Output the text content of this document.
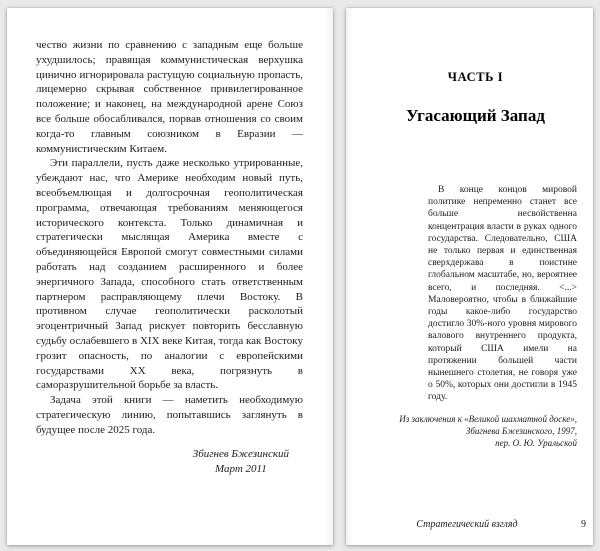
чество жизни по сравнению с западным еще больше ухудшилось; правящая коммунистическая верхушка цинично игнорировала растущую социальную пропасть, лицемерно скрывая собственное привилегированное положение; и наконец, на международной арене Союз все больше обосабливался, порвав отношения со своим когда-то главным союзником в Евразии — коммунистическим Китаем.

Эти параллели, пусть даже несколько утрированные, убеждают нас, что Америке необходим новый путь, всеобъемлющая и долгосрочная геополитическая программа, отвечающая требованиям меняющегося исторического контекста. Только динамичная и стратегически мыслящая Америка вместе с объединяющейся Европой смогут совместными силами работать над созданием расширенного и более энергичного Запада, способного стать ответственным партнером расправляющему плечи Востоку. В противном случае геополитически расколотый эгоцентричный Запад рискует повторить бесславную судьбу ослабевшего в XIX веке Китая, тогда как Востоку грозит опасность, по аналогии с европейскими государствами XX века, погрязнуть в саморазрушительной борьбе за власть.

Задача этой книги — наметить необходимую стратегическую линию, попытавшись заглянуть в будущее после 2025 года.

Збигнев Бжезинский
Март 2011
ЧАСТЬ I
Угасающий Запад
В конце концов мировой политике непременно станет все больше несвойственна концентрация власти в руках одного государства. Следовательно, США не только первая и единственная сверхдержава в поистине глобальном масштабе, но, вероятнее всего, и последняя. <...> Маловероятно, чтобы в ближайшие годы какое-либо государство достигло 30%-ного уровня мирового валового внутреннего продукта, который США имели на протяжении большей части нынешнего столетия, не говоря уже о 50%, которых они достигли в 1945 году.
Из заключения к «Великой шахматной доске»,
Збигнева Бжезинского, 1997,
пер. О. Ю. Уральской
Стратегический взгляд	9
